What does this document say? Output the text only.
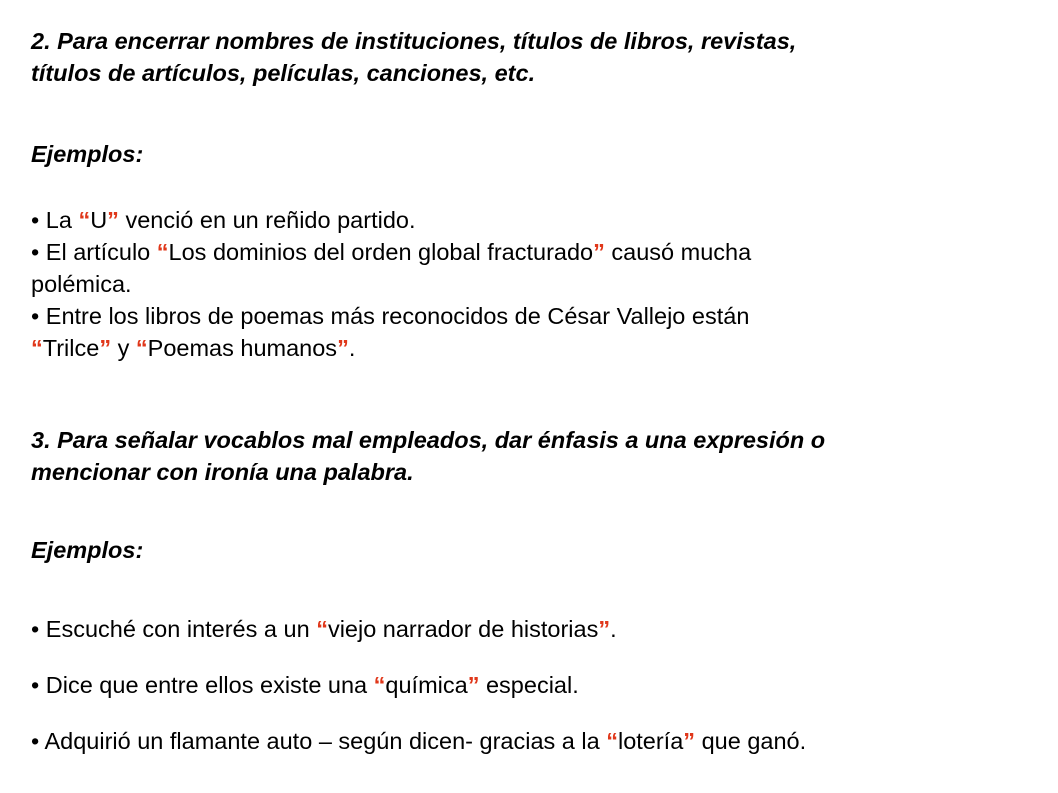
2. Para encerrar nombres de instituciones, títulos de libros, revistas,
títulos de artículos, películas, canciones, etc.
Ejemplos:

• La “U” venció en un reñido partido.

• El artículo “Los dominios del orden global fracturado” causó mucha
polémica.

• Entre los libros de poemas más reconocidos de César Vallejo están
“Trilce” y “Poemas humanos”.

3. Para señalar vocablos mal empleados, dar énfasis a una expresión o
mencionar con ironía una palabra.
Ejemplos:

• Escuché con interés a un “viejo narrador de historias”.

• Dice que entre ellos existe una “química” especial.

• Adquirió un flamante auto – según dicen- gracias a la “lotería” que ganó.
